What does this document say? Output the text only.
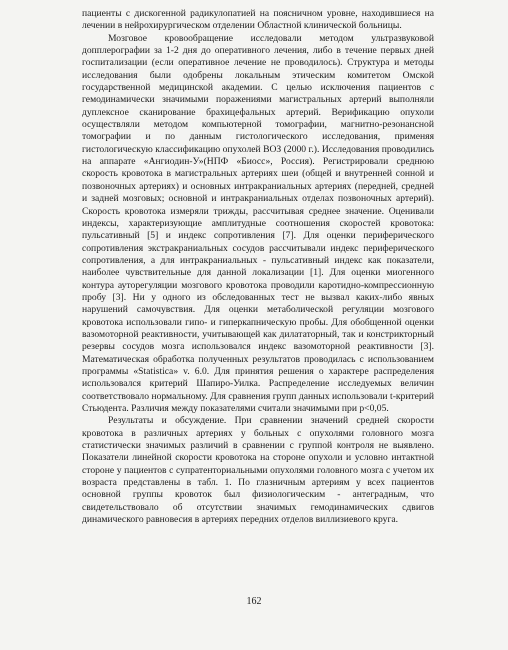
пациенты с дискогенной радикулопатией на поясничном уровне, находившиеся на лечении в нейрохирургическом отделении Областной клинической больницы.

Мозговое кровообращение исследовали методом ультразвуковой допплерографии за 1-2 дня до оперативного лечения, либо в течение первых дней госпитализации (если оперативное лечение не проводилось). Структура и методы исследования были одобрены локальным этическим комитетом Омской государственной медицинской академии. С целью исключения пациентов с гемодинамически значимыми поражениями магистральных артерий выполняли дуплексное сканирование брахицефальных артерий. Верификацию опухоли осуществляли методом компьютерной томографии, магнитно-резонансной томографии и по данным гистологического исследования, применяя гистологическую классификацию опухолей ВОЗ (2000 г.). Исследования проводились на аппарате «Ангиодин-У»(НПФ «Биосс», Россия). Регистрировали среднюю скорость кровотока в магистральных артериях шеи (общей и внутренней сонной и позвоночных артериях) и основных интракраниальных артериях (передней, средней и задней мозговых; основной и интракраниальных отделах позвоночных артерий). Скорость кровотока измеряли трижды, рассчитывая среднее значение. Оценивали индексы, характеризующие амплитудные соотношения скоростей кровотока: пульсативный [5] и индекс сопротивления [7]. Для оценки периферического сопротивления экстракраниальных сосудов рассчитывали индекс периферического сопротивления, а для интракраниальных - пульсативный индекс как показатели, наиболее чувствительные для данной локализации [1]. Для оценки миогенного контура ауторегуляции мозгового кровотока проводили каротидно-компрессионную пробу [3]. Ни у одного из обследованных тест не вызвал каких-либо явных нарушений самочувствия. Для оценки метаболической регуляции мозгового кровотока использовали гипо- и гиперкапническую пробы. Для обобщенной оценки вазомоторной реактивности, учитывающей как дилататорный, так и констрикторный резервы сосудов мозга использовался индекс вазомоторной реактивности [3]. Математическая обработка полученных результатов проводилась с использованием программы «Statistica» v. 6.0. Для принятия решения о характере распределения использовался критерий Шапиро-Уилка. Распределение исследуемых величин соответствовало нормальному. Для сравнения групп данных использовали t-критерий Стьюдента. Различия между показателями считали значимыми при р<0,05.

Результаты и обсуждение. При сравнении значений средней скорости кровотока в различных артериях у больных с опухолями головного мозга статистически значимых различий в сравнении с группой контроля не выявлено. Показатели линейной скорости кровотока на стороне опухоли и условно интактной стороне у пациентов с супратенториальными опухолями головного мозга с учетом их возраста представлены в табл. 1. По глазничным артериям у всех пациентов основной группы кровоток был физиологическим - антеградным, что свидетельствовало об отсутствии значимых гемодинамических сдвигов динамического равновесия в артериях передних отделов виллизиевого круга.

162
